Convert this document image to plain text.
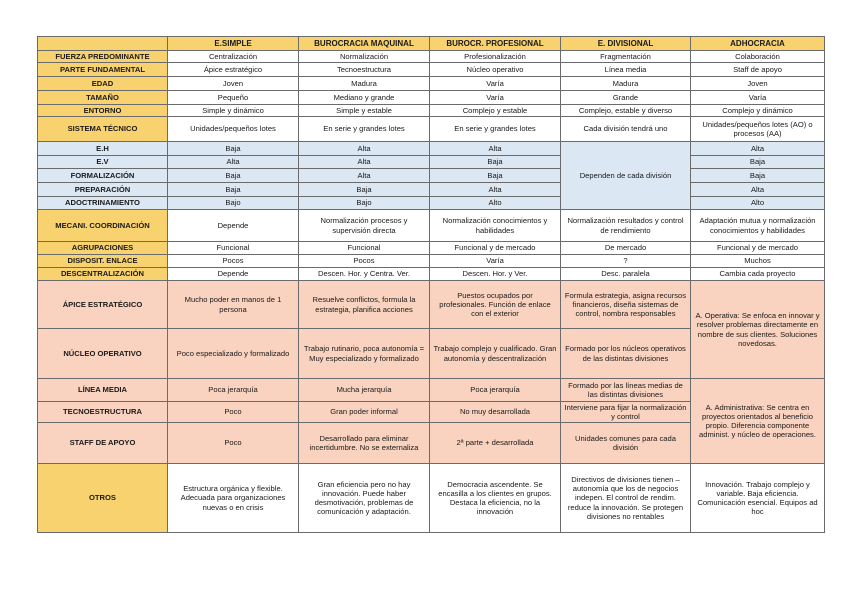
	E.SIMPLE	BUROCRACIA MAQUINAL	BUROCR. PROFESIONAL	E. DIVISIONAL	ADHOCRACIA
FUERZA PREDOMINANTE	Centralización	Normalización	Profesionalización	Fragmentación	Colaboración
PARTE FUNDAMENTAL	Ápice estratégico	Tecnoestructura	Núcleo operativo	Línea media	Staff de apoyo
EDAD	Joven	Madura	Varía	Madura	Joven
TAMAÑO	Pequeño	Mediano y grande	Varía	Grande	Varía
ENTORNO	Simple y dinámico	Simple y estable	Complejo y estable	Complejo, estable y diverso	Complejo y dinámico
SISTEMA TÉCNICO	Unidades/pequeños lotes	En serie y grandes lotes	En serie y grandes lotes	Cada división tendrá uno	Unidades/pequeños lotes (AO) o procesos (AA)
E.H	Baja	Alta	Alta	Dependen de cada división	Alta
E.V	Alta	Alta	Baja		Baja
FORMALIZACIÓN	Baja	Alta	Baja		Baja
PREPARACIÓN	Baja	Baja	Alta		Alta
ADOCTRINAMIENTO	Bajo	Bajo	Alto		Alto
MECANI. COORDINACIÓN	Depende	Normalización procesos y supervisión directa	Normalización conocimientos y habilidades	Normalización resultados y control de rendimiento	Adaptación mutua y normalización conocimientos y habilidades
AGRUPACIONES	Funcional	Funcional	Funcional y de mercado	De mercado	Funcional y de mercado
DISPOSIT. ENLACE	Pocos	Pocos	Varía	?	Muchos
DESCENTRALIZACIÓN	Depende	Descen. Hor. y Centra. Ver.	Descen. Hor. y Ver.	Desc. paralela	Cambia cada proyecto
ÁPICE ESTRATÉGICO	Mucho poder en manos de 1 persona	Resuelve conflictos, formula la estrategia, planifica acciones	Puestos ocupados por profesionales. Función de enlace con el exterior	Formula estrategia, asigna recursos financieros, diseña sistemas de control, nombra responsables	A. Operativa: Se enfoca en innovar y resolver problemas directamente en nombre de sus clientes. Soluciones novedosas.
NÚCLEO OPERATIVO	Poco especializado y formalizado	Trabajo rutinario, poca autonomía = Muy especializado y formalizado	Trabajo complejo y cualificado. Gran autonomía y descentralización	Formado por los núcleos operativos de las distintas divisiones	
LÍNEA MEDIA	Poca jerarquía	Mucha jerarquía	Poca jerarquía	Formado por las líneas medias de las distintas divisiones	A. Administrativa: Se centra en proyectos orientados al beneficio propio. Diferencia componente administ. y núcleo de operaciones.
TECNOESTRUCTURA	Poco	Gran poder informal	No muy desarrollada	Interviene para fijar la normalización y control	
STAFF DE APOYO	Poco	Desarrollado para eliminar incertidumbre. No se externaliza	2ª parte + desarrollada	Unidades comunes para cada división	
OTROS	Estructura orgánica y flexible. Adecuada para organizaciones nuevas o en crisis	Gran eficiencia pero no hay innovación. Puede haber desmotivación, problemas de comunicación y adaptación.	Democracia ascendente. Se encasilla a los clientes en grupos. Destaca la eficiencia, no la innovación	Directivos de divisiones tienen – autonomía que los de negocios indepen. El control de rendim. reduce la innovación. Se protegen divisiones no rentables	Innovación. Trabajo complejo y variable. Baja eficiencia. Comunicación esencial. Equipos ad hoc
